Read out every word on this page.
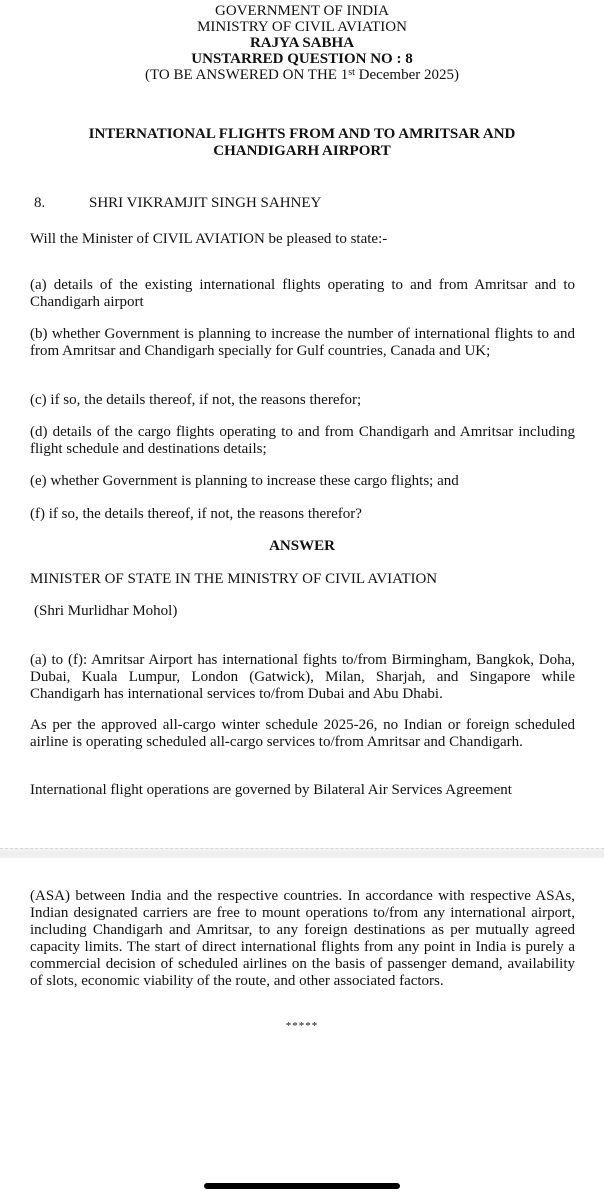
GOVERNMENT OF INDIA
MINISTRY OF CIVIL AVIATION
RAJYA SABHA
UNSTARRED QUESTION NO : 8
(TO BE ANSWERED ON THE 1st December 2025)
INTERNATIONAL FLIGHTS FROM AND TO AMRITSAR AND CHANDIGARH AIRPORT
8.	SHRI VIKRAMJIT SINGH SAHNEY
Will the Minister of CIVIL AVIATION be pleased to state:-
(a) details of the existing international flights operating to and from Amritsar and to Chandigarh airport
(b) whether Government is planning to increase the number of international flights to and from Amritsar and Chandigarh specially for Gulf countries, Canada and UK;
(c) if so, the details thereof, if not, the reasons therefor;
(d) details of the cargo flights operating to and from Chandigarh and Amritsar including flight schedule and destinations details;
(e) whether Government is planning to increase these cargo flights; and
(f) if so, the details thereof, if not, the reasons therefor?
ANSWER
MINISTER OF STATE IN THE MINISTRY OF CIVIL AVIATION
(Shri Murlidhar Mohol)
(a) to (f): Amritsar Airport has international fights to/from Birmingham, Bangkok, Doha, Dubai, Kuala Lumpur, London (Gatwick), Milan, Sharjah, and Singapore while Chandigarh has international services to/from Dubai and Abu Dhabi.
As per the approved all-cargo winter schedule 2025-26, no Indian or foreign scheduled airline is operating scheduled all-cargo services to/from Amritsar and Chandigarh.
International flight operations are governed by Bilateral Air Services Agreement
(ASA) between India and the respective countries. In accordance with respective ASAs, Indian designated carriers are free to mount operations to/from any international airport, including Chandigarh and Amritsar, to any foreign destinations as per mutually agreed capacity limits. The start of direct international flights from any point in India is purely a commercial decision of scheduled airlines on the basis of passenger demand, availability of slots, economic viability of the route, and other associated factors.
*****
